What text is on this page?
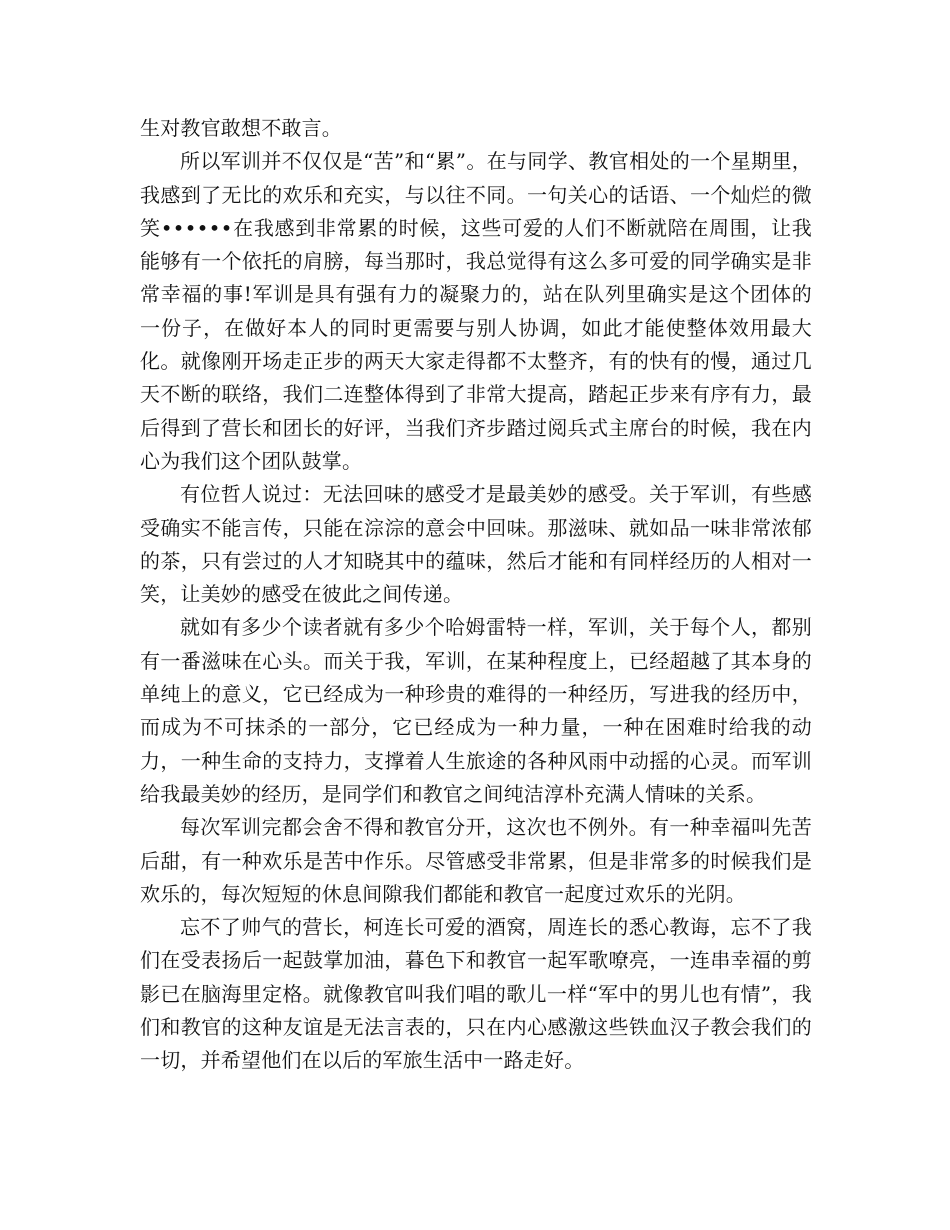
生对教官敢想不敢言。

所以军训并不仅仅是“苦”和“累”。在与同学、教官相处的一个星期里，我感到了无比的欢乐和充实，与以往不同。一句关心的话语、一个灿烂的微笑••••••在我感到非常累的时候，这些可爱的人们不断就陪在周围，让我能够有一个依托的肩膀，每当那时，我总觉得有这么多可爱的同学确实是非常幸福的事!军训是具有强有力的凝聚力的，站在队列里确实是这个团体的一份子，在做好本人的同时更需要与别人协调，如此才能使整体效用最大化。就像刚开场走正步的两天大家走得都不太整齐，有的快有的慢，通过几天不断的联络，我们二连整体得到了非常大提高，踏起正步来有序有力，最后得到了营长和团长的好评，当我们齐步踏过阅兵式主席台的时候，我在内心为我们这个团队鼓掌。

有位哲人说过：无法回味的感受才是最美妙的感受。关于军训，有些感受确实不能言传，只能在淙淙的意会中回味。那滋味、就如品一味非常浓郁的茶，只有尝过的人才知晓其中的蕴味，然后才能和有同样经历的人相对一笑，让美妙的感受在彼此之间传递。

就如有多少个读者就有多少个哈姆雷特一样，军训，关于每个人，都别有一番滋味在心头。而关于我，军训，在某种程度上，已经超越了其本身的单纯上的意义，它已经成为一种珍贵的难得的一种经历，写进我的经历中，而成为不可抹杀的一部分，它已经成为一种力量，一种在困难时给我的动力，一种生命的支持力，支撑着人生旅途的各种风雨中动摇的心灵。而军训给我最美妙的经历，是同学们和教官之间纯洁淳朴充满人情味的关系。

每次军训完都会舍不得和教官分开，这次也不例外。有一种幸福叫先苦后甜，有一种欢乐是苦中作乐。尽管感受非常累，但是非常多的时候我们是欢乐的，每次短短的休息间隙我们都能和教官一起度过欢乐的光阴。

忘不了帅气的营长，柯连长可爱的酒窝，周连长的悉心教诲，忘不了我们在受表扬后一起鼓掌加油，暮色下和教官一起军歌嘹亮，一连串幸福的剪影已在脑海里定格。就像教官叫我们唱的歌儿一样“军中的男儿也有情”，我们和教官的这种友谊是无法言表的，只在内心感激这些铁血汉子教会我们的一切，并希望他们在以后的军旅生活中一路走好。
